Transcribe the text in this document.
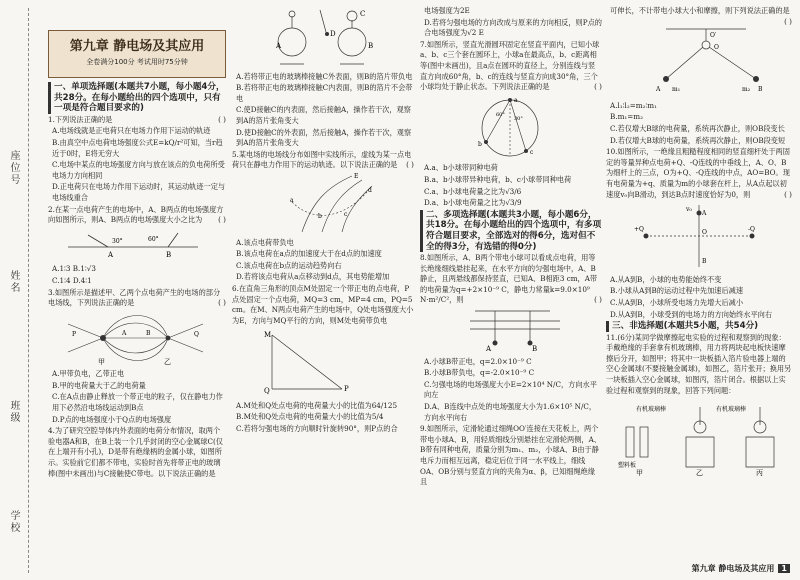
座位号
姓名
班级
学校
第九章 静电场及其应用
全卷满分100分 考试用时75分钟

一、单项选择题(本题共7小题，每小题4分，共28分。在每小题给出的四个选项中，只有一项是符合题目要求的)

1.下列说法正确的是	( )

A.电场线就是正电荷只在电场力作用下运动的轨迹

B.由真空中点电荷电场强度公式E=kQ/r²可知，当r趋近于0时，E将无穷大

C.电场中某点的电场强度方向与放在该点的负电荷所受电场力方向相同

D.正电荷只在电场力作用下运动时，其运动轨迹一定与电场线重合

2.在某一点电荷产生的电场中，A、B两点的电场强度方向如图所示，则A、B两点的电场强度大小之比为 ( )

A	B
30°	60°

A.1∶3 B.1∶√3

C.1∶4 D.4∶1

3.如图所示是描述甲、乙两个点电荷产生的电场的部分电场线，下列说法正确的是	( )

甲	乙
A	B
P	Q

A.甲带负电，乙带正电

B.甲的电荷量大于乙的电荷量

C.在A点由静止释放一个带正电的粒子，仅在静电力作用下必然沿电场线运动到B点

D.P点的电场强度小于Q点的电场强度

4.为了研究空腔导体内外表面的电荷分布情况，取两个验电器A和B，在B上装一个几乎封闭的空心金属球C(仅在上端开有小孔)，D是带有绝缘柄的金属小球，如图所示。实验前它们都不带电，实验时首先将带正电的玻璃棒(图中未画出)与C接触使C带电。以下说法正确的是

A	B
C
D

A.若将带正电的玻璃棒接触C外表面，则B的箔片带负电

B.若将带正电的玻璃棒接触C内表面，则B的箔片不会带电

C.使D接触C的内表面，然后接触A，操作若干次，观察到A的箔片张角变大

D.使D接触C的外表面，然后接触A，操作若干次，观察到A的箔片张角变大

5.某电场的电场线分布如图中实线所示，虚线为某一点电荷只在静电力作用下的运动轨迹。以下说法正确的是 ( )

a
b	c
d
E

A.该点电荷带负电

B.该点电荷在a点的加速度大于在d点的加速度

C.该点电荷在b点的运动趋势向右

D.若将该点电荷从a点移动到d点，其电势能增加

6.在直角三角形的顶点M处固定一个带正电的点电荷，P点处固定一个点电荷，MQ=3 cm，MP=4 cm，PQ=5 cm。在M、N两点电荷产生的电场中，Q处电场强度大小为E，方向与MQ平行的方向，则M处电荷带负电

M
P
Q

A.M处和Q处点电荷的电荷量大小的比值为64/125

B.M处和Q处点电荷的电荷量大小的比值为5/4

C.若将匀强电场的方向顺时针旋转90°，则P点的合

电场强度为2E

D.若将匀强电场的方向改成与原来的方向相反，则P点的合电场强度为√2 E

7.如图所示，竖直光滑圆环固定在竖直平面内，已知小球a、b、c三个套在圆环上，小球a在最高点，b、c距离相等(图中未画出)，且a点在圆环的直径上，分别连线与竖直方向成60°角，b、c的连线与竖直方向成30°角，三个小球均处于静止状态。下列说法正确的是	( )

a
b
c
60°
30°

A.a、b小球带同种电荷

B.a、b小球带异种电荷，b、c小球带同种电荷

C.a、b小球电荷量之比为√3/6

D.a、b小球电荷量之比为√3/9

二、多项选择题(本题共3小题，每小题6分，共18分。在每小题给出的四个选项中，有多项符合题目要求，全部选对的得6分，选对但不全的得3分，有选错的得0分)

8.如图所示，A、B两个带电小球可以看成点电荷，用等长绝缘细线悬挂起来，在水平方向的匀强电场中，A、B静止，且两悬线都保持竖直，已知A、B相距3 cm，A带的电荷量为q=+2×10⁻⁹ C，静电力常量k=9.0×10⁹ N·m²/C²，则	( )

A	B

A.小球B带正电，q=2.0×10⁻⁹ C

B.小球B带负电，q=-2.0×10⁻⁹ C

C.匀强电场的电场强度大小E=2×10⁴ N/C，方向水平向左

D.A、B连线中点处的电场强度大小为1.6×10⁵ N/C，方向水平向右

9.如图所示，定滑轮通过细绳OO′连接在天花板上，两个带电小球A、B，用轻质细线分别悬挂在定滑轮两侧，A、B带有同种电荷，质量分别为m₁、m₂，小球A、B由于静电斥力而相互远离，稳定后位于同一水平线上，细线OA、OB分别与竖直方向的夹角为α、β，已知细绳绝缘且

可伸长，不计带电小球大小和摩擦，则下列说法正确的是
( )

O′
O
A	B
m₁	m₂

A.l₁∶l₂=m₂∶m₁

B.m₁=m₂

C.若仅增大B球的电荷量，系统再次静止，则OB段变长

D.若仅增大B球的电荷量，系统再次静止，则OB段变短

10.如图所示，一绝缘且粗糙程度相同的竖直细杆处于两固定的等量异种点电荷+Q、-Q连线的中垂线上，A、O、B为细杆上的三点，O为+Q、-Q连线的中点，AO=BO。现有电荷量为+q、质量为m的小球套在杆上，从A点起以初速度v₀向B滑动，到达B点时速度恰好为0，则	( )

A
B
O
+Q	-Q
v₀

A.从A到B，小球的电势能始终不变

B.小球从A到B的运动过程中先加速后减速

C.从A到B，小球所受电场力先增大后减小

D.从A到B，小球受到的电场力的方向始终水平向右

三、非选择题(本题共5小题，共54分)

11.(6分)某同学做摩擦起电实验的过程和观察到的现象：手戴绝缘的手套拿有机玻璃棒，用力将两块起电板快速摩擦后分开，如图甲；将其中一块板插入箔片验电器上端的空心金属球(不要接触金属球)，如图乙，箔片张开；换用另一块板插入空心金属球，如图丙，箔片闭合。根据以上实验过程和观察到的现象，回答下列问题：

塑料板
有机玻璃棒	有机玻璃棒
甲	乙	丙
第九章 静电场及其应用 1
